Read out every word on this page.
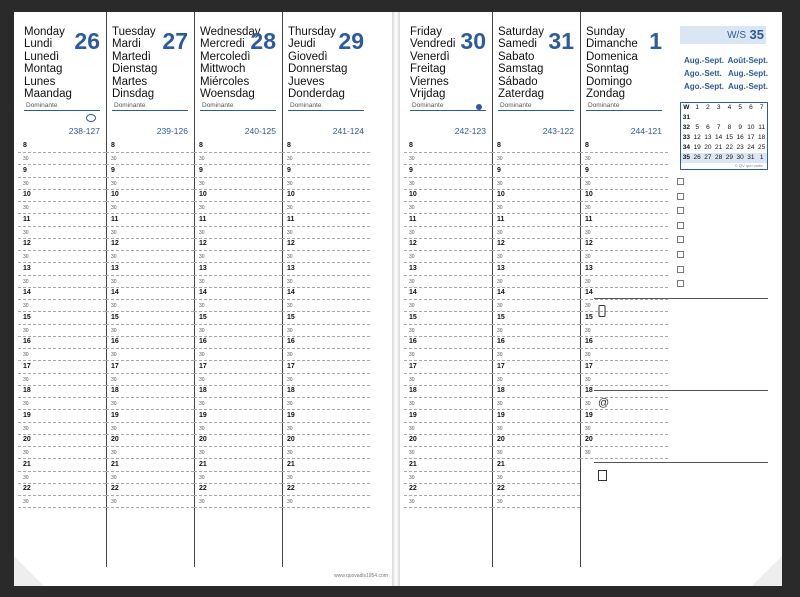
Monday
Lundi
Lunedì
Montag
Lunes
Maandag
26
Dominante
238-127
8
30
9
30
10
30
11
30
12
30
13
30
14
30
15
30
16
30
17
30
18
30
19
30
20
30
21
30
22
30
Tuesday
Mardi
Martedì
Dienstag
Martes
Dinsdag
27
Dominante
239-126
8
30
9
30
10
30
11
30
12
30
13
30
14
30
15
30
16
30
17
30
18
30
19
30
20
30
21
30
22
30
Wednesday
Mercredi
Mercoledì
Mittwoch
Miércoles
Woensdag
28
Dominante
240-125
8
30
9
30
10
30
11
30
12
30
13
30
14
30
15
30
16
30
17
30
18
30
19
30
20
30
21
30
22
30
Thursday
Jeudi
Giovedì
Donnerstag
Jueves
Donderdag
29
Dominante
241-124
8
30
9
30
10
30
11
30
12
30
13
30
14
30
15
30
16
30
17
30
18
30
19
30
20
30
21
30
22
30
www.quovadis1954.com
Friday
Vendredi
Venerdì
Freitag
Viernes
Vrijdag
30
Dominante
242-123
8
30
9
30
10
30
11
30
12
30
13
30
14
30
15
30
16
30
17
30
18
30
19
30
20
30
21
30
22
30
Saturday
Samedi
Sabato
Samstag
Sábado
Zaterdag
31
Dominante
243-122
8
30
9
30
10
30
11
30
12
30
13
30
14
30
15
30
16
30
17
30
18
30
19
30
20
30
21
30
22
30
Sunday
Dimanche
Domenica
Sonntag
Domingo
Zondag
1
Dominante
244-121
8
30
9
30
10
30
11
30
12
30
13
30
14
30
15
30
16
30
17
30
18
30
19
30
20
30
W/S 35
Aug.-Sept. Août-Sept.
Ago.-Sett. Aug.-Sept.
Ago.-Sept. Aug.-Sept.
W 1	2	3	4	5	6	7
31
32 5	6	7	8	9 10 11
33 12 13 14 15 16 17 18
34 19 20 21 22 23 24 25
35 26 27 28 29 30 31 1
© QV quo vadis
@
